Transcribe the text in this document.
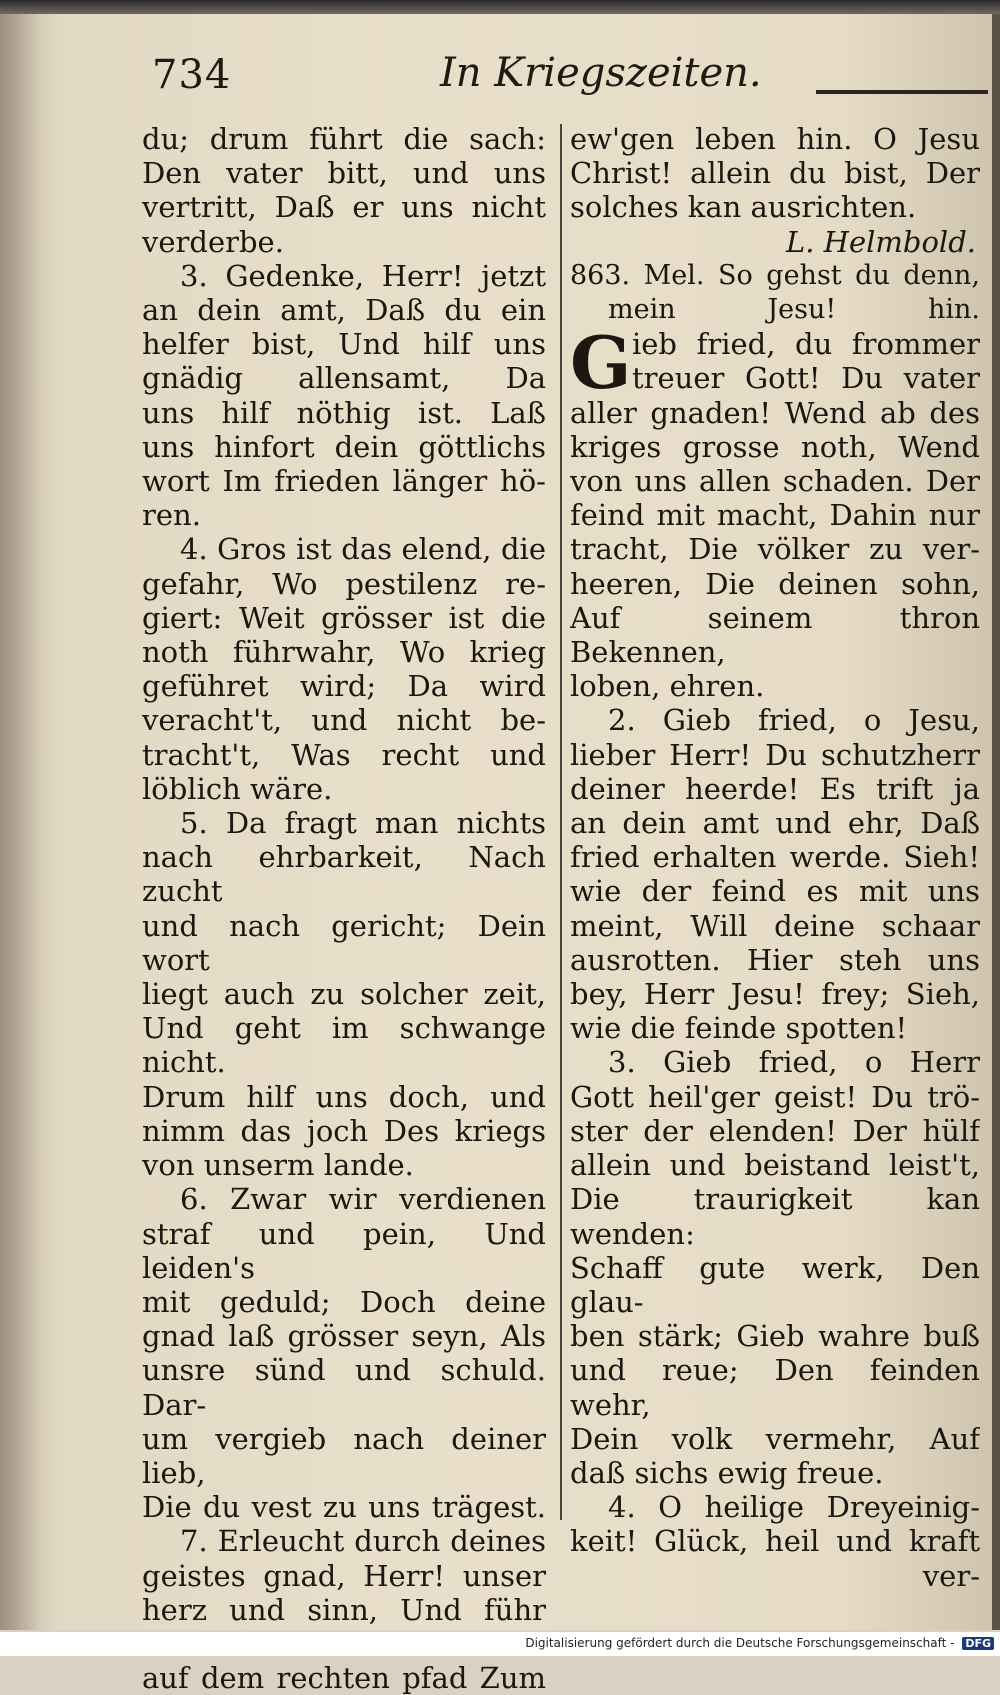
734	In Kriegszeiten.
du; drum führt die sach:
Den vater bitt, und uns
vertritt, Daß er uns nicht
verderbe.
3. Gedenke, Herr! jetzt
an dein amt, Daß du ein
helfer bist, Und hilf uns
gnädig allensamt, Da
uns hilf nöthig ist. Laß
uns hinfort dein göttlichs
wort Im frieden länger hö-
ren.
4. Gros ist das elend, die
gefahr, Wo pestilenz re-
giert: Weit grösser ist die
noth führwahr, Wo krieg
geführet wird; Da wird
veracht't, und nicht be-
tracht't, Was recht und
löblich wäre.
5. Da fragt man nichts
nach ehrbarkeit, Nach zucht
und nach gericht; Dein wort
liegt auch zu solcher zeit,
Und geht im schwange nicht.
Drum hilf uns doch, und
nimm das joch Des kriegs
von unserm lande.
6. Zwar wir verdienen
straf und pein, Und leiden's
mit geduld; Doch deine
gnad laß grösser seyn, Als
unsre sünd und schuld. Dar-
um vergieb nach deiner lieb,
Die du vest zu uns trägest.
7. Erleucht durch deines
geistes gnad, Herr! unser
herz und sinn, Und führ
auf dem rechten pfad Zum
ew'gen leben hin. O Jesu
Christ! allein du bist, Der
solches kan ausrichten.
L. Helmbold.
863. Mel. So gehst du denn,
mein Jesu! hin.
G ieb fried, du frommer
treuer Gott! Du vater
aller gnaden! Wend ab des
kriges grosse noth, Wend
von uns allen schaden. Der
feind mit macht, Dahin nur
tracht, Die völker zu ver-
heeren, Die deinen sohn,
Auf seinem thron Bekennen,
loben, ehren.
2. Gieb fried, o Jesu,
lieber Herr! Du schutzherr
deiner heerde! Es trift ja
an dein amt und ehr, Daß
fried erhalten werde. Sieh!
wie der feind es mit uns
meint, Will deine schaar
ausrotten. Hier steh uns
bey, Herr Jesu! frey; Sieh,
wie die feinde spotten!
3. Gieb fried, o Herr
Gott heil'ger geist! Du trö-
ster der elenden! Der hülf
allein und beistand leist't,
Die traurigkeit kan wenden:
Schaff gute werk, Den glau-
ben stärk; Gieb wahre buß
und reue; Den feinden wehr,
Dein volk vermehr, Auf
daß sichs ewig freue.
4. O heilige Dreyeinig-
keit! Glück, heil und kraft
ver-
Digitalisierung gefördert durch die Deutsche Forschungsgemeinschaft - DFG
